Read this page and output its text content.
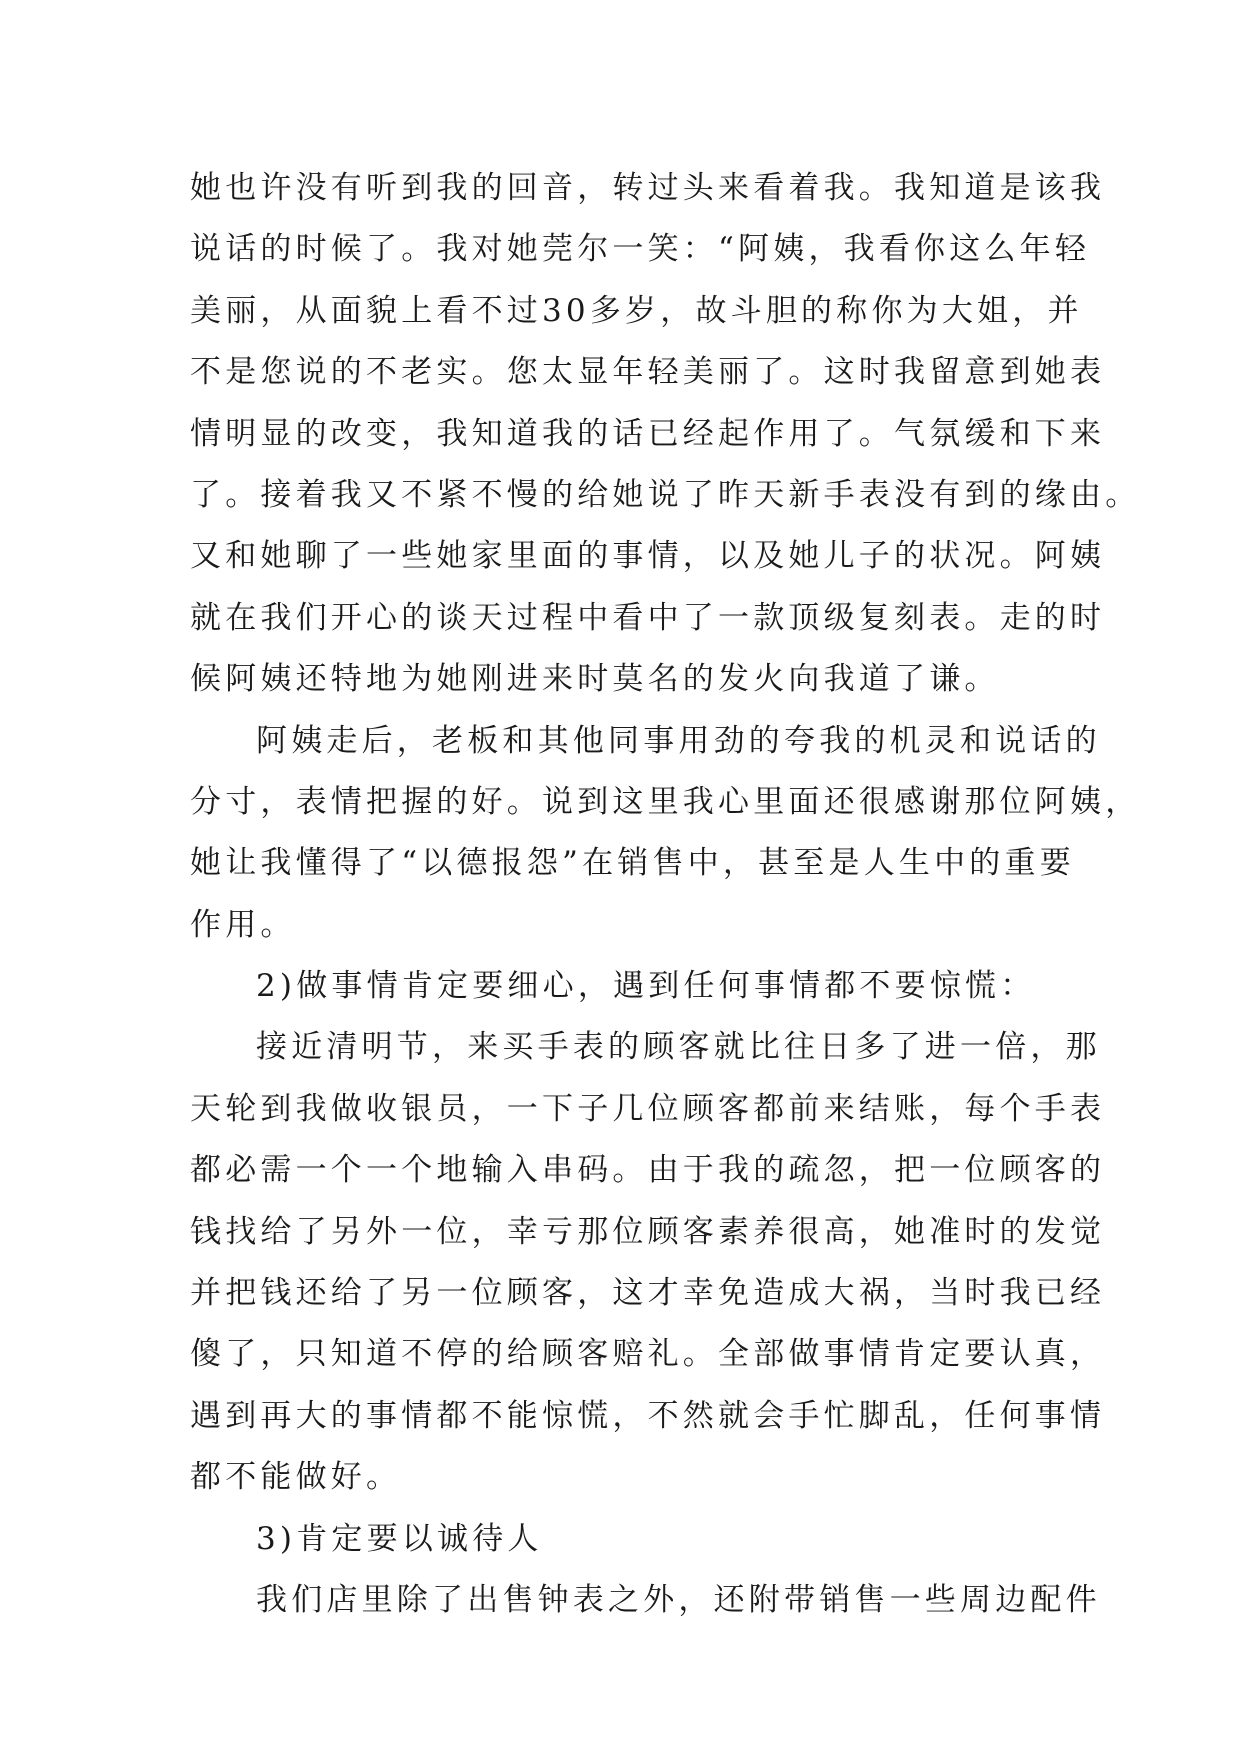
她也许没有听到我的回音，转过头来看着我。我知道是该我
说话的时候了。我对她莞尔一笑：“阿姨，我看你这么年轻
美丽，从面貌上看不过30多岁，故斗胆的称你为大姐，并
不是您说的不老实。您太显年轻美丽了。这时我留意到她表
情明显的改变，我知道我的话已经起作用了。气氛缓和下来
了。接着我又不紧不慢的给她说了昨天新手表没有到的缘由。
又和她聊了一些她家里面的事情，以及她儿子的状况。阿姨
就在我们开心的谈天过程中看中了一款顶级复刻表。走的时
候阿姨还特地为她刚进来时莫名的发火向我道了谦。
阿姨走后，老板和其他同事用劲的夸我的机灵和说话的
分寸，表情把握的好。说到这里我心里面还很感谢那位阿姨，
她让我懂得了“以德报怨”在销售中，甚至是人生中的重要
作用。
2)做事情肯定要细心，遇到任何事情都不要惊慌：
接近清明节，来买手表的顾客就比往日多了进一倍，那
天轮到我做收银员，一下子几位顾客都前来结账，每个手表
都必需一个一个地输入串码。由于我的疏忽，把一位顾客的
钱找给了另外一位，幸亏那位顾客素养很高，她准时的发觉
并把钱还给了另一位顾客，这才幸免造成大祸，当时我已经
傻了，只知道不停的给顾客赔礼。全部做事情肯定要认真，
遇到再大的事情都不能惊慌，不然就会手忙脚乱，任何事情
都不能做好。
3)肯定要以诚待人
我们店里除了出售钟表之外，还附带销售一些周边配件
